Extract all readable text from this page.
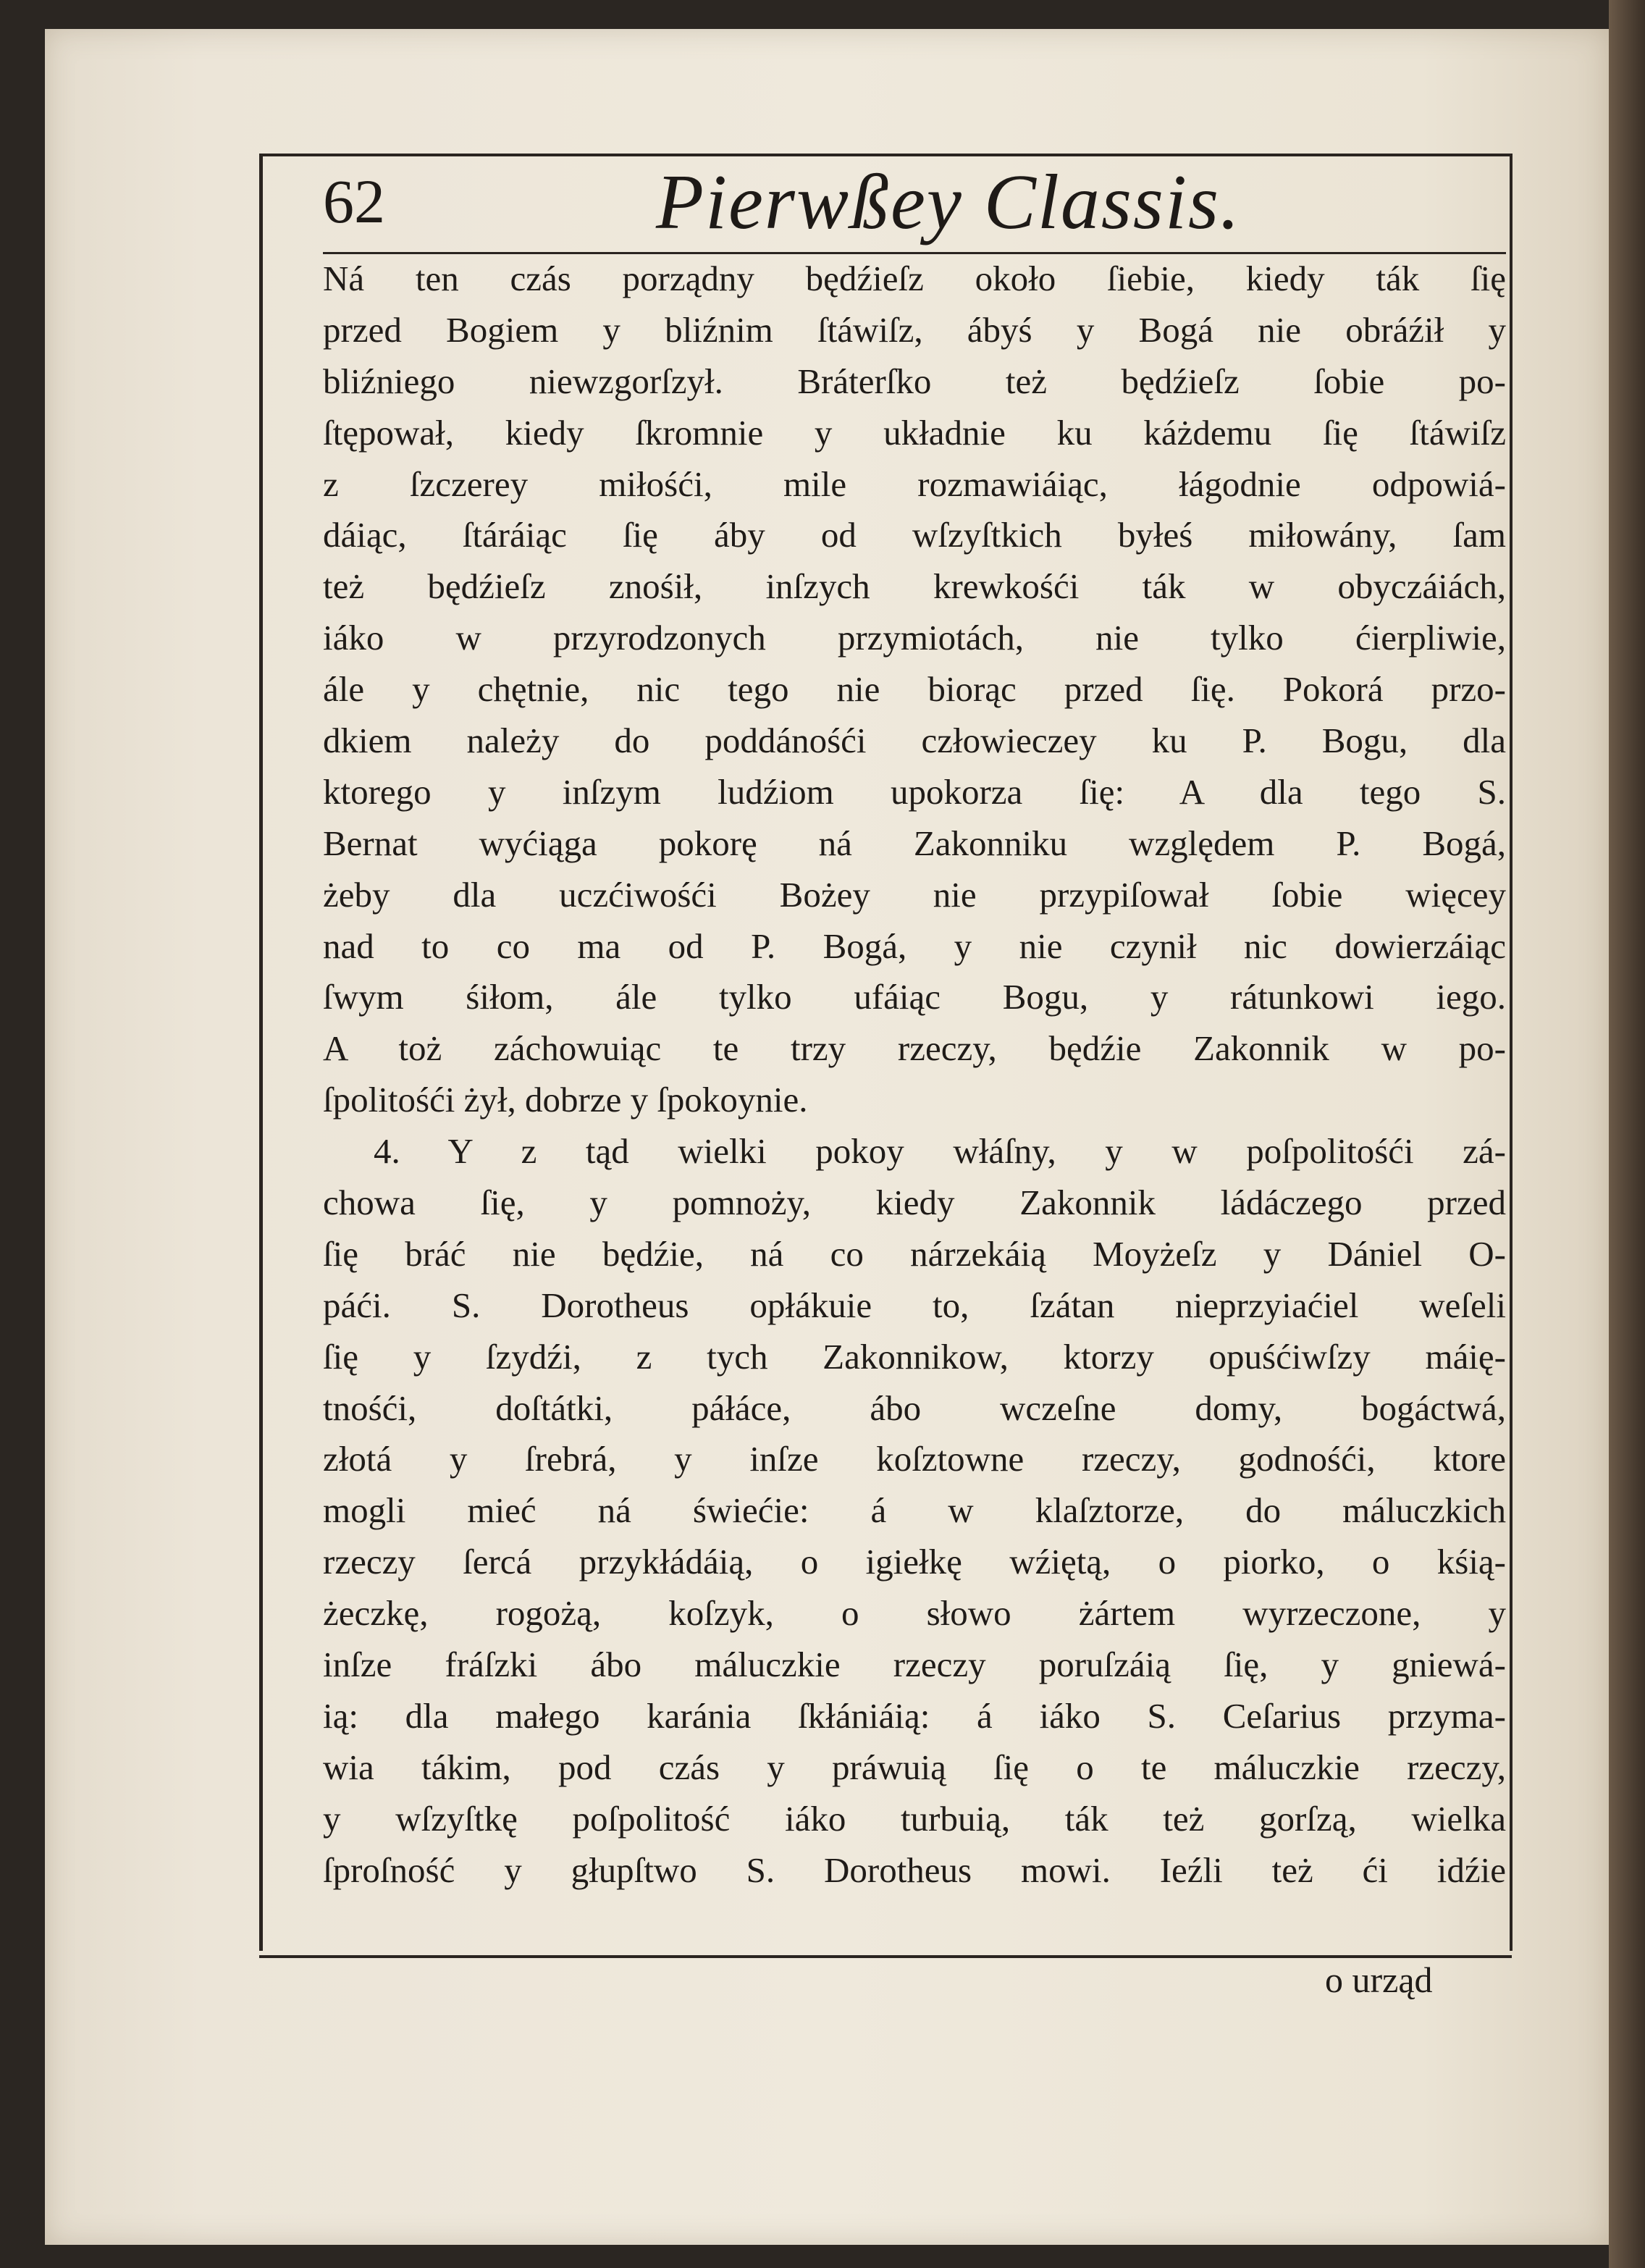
62	Pierwßey Classis.
Ná ten czás porządny będźieſz około ſiebie, kiedy ták ſię
przed Bogiem y bliźnim ſtáwiſz, ábyś y Bogá nie obráźił y
bliźniego niewzgorſzył. Bráterſko też będźieſz ſobie po-
ſtępował, kiedy ſkromnie y układnie ku káżdemu ſię ſtáwiſz
z ſzczerey miłośći, mile rozmawiáiąc, łágodnie odpowiá-
dáiąc, ſtáráiąc ſię áby od wſzyſtkich byłeś miłowány, ſam
też będźieſz znośił, inſzych krewkośći ták w obyczáiách,
iáko w przyrodzonych przymiotách, nie tylko ćierpliwie,
ále y chętnie, nic tego nie biorąc przed ſię. Pokorá przo-
dkiem należy do poddánośći człowieczey ku P. Bogu, dla
ktorego y inſzym ludźiom upokorza ſię: A dla tego S.
Bernat wyćiąga pokorę ná Zakonniku względem P. Bogá,
żeby dla uczćiwośći Bożey nie przypiſował ſobie więcey
nad to co ma od P. Bogá, y nie czynił nic dowierzáiąc
ſwym śiłom, ále tylko ufáiąc Bogu, y rátunkowi iego.
A toż záchowuiąc te trzy rzeczy, będźie Zakonnik w po-
ſpolitośći żył, dobrze y ſpokoynie.
4. Y z tąd wielki pokoy włáſny, y w poſpolitośći zá-
chowa ſię, y pomnoży, kiedy Zakonnik ládáczego przed
ſię bráć nie będźie, ná co nárzekáią Moyżeſz y Dániel O-
páći. S. Dorotheus opłákuie to, ſzátan nieprzyiaćiel weſeli
ſię y ſzydźi, z tych Zakonnikow, ktorzy opuśćiwſzy máię-
tnośći, doſtátki, páłáce, ábo wczeſne domy, bogáctwá,
złotá y ſrebrá, y inſze koſztowne rzeczy, godnośći, ktore
mogli mieć ná świećie: á w klaſztorze, do máluczkich
rzeczy ſercá przykłádáią, o igiełkę wźiętą, o piorko, o kśią-
żeczkę, rogożą, koſzyk, o słowo żártem wyrzeczone, y
inſze fráſzki ábo máluczkie rzeczy poruſzáią ſię, y gniewá-
ią: dla małego karánia ſkłániáią: á iáko S. Ceſarius przyma-
wia tákim, pod czás y práwuią ſię o te máluczkie rzeczy,
y wſzyſtkę poſpolitość iáko turbuią, ták też gorſzą, wielka
ſproſność y głupſtwo S. Dorotheus mowi. Ieźli też ći idźie
o urząd
